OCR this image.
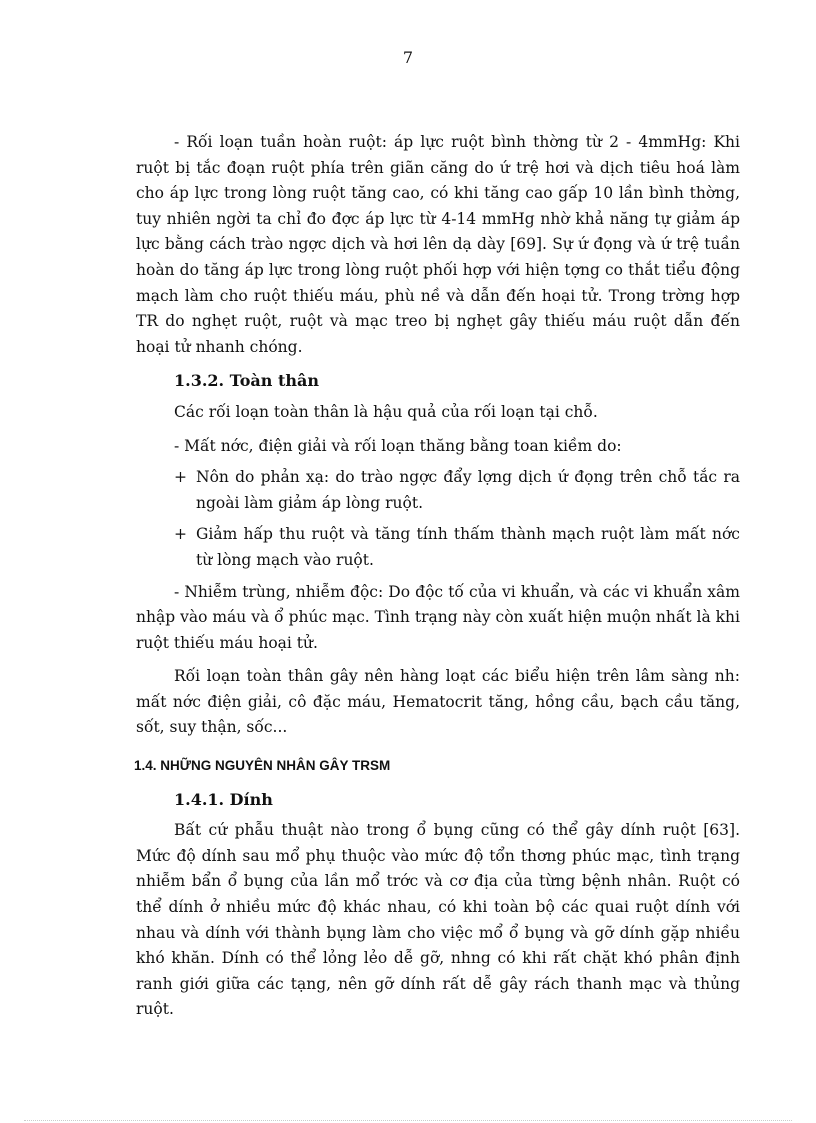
7

- Rối loạn tuần hoàn ruột: áp lực ruột bình thờng từ 2 - 4mmHg: Khi ruột bị tắc đoạn ruột phía trên giãn căng do ứ trệ hơi và dịch tiêu hoá làm cho áp lực trong lòng ruột tăng cao, có khi tăng cao gấp 10 lần bình thờng, tuy nhiên ngời ta chỉ đo đợc áp lực từ 4-14 mmHg nhờ khả năng tự giảm áp lực bằng cách trào ngợc dịch và hơi lên dạ dày [69]. Sự ứ đọng và ứ trệ tuần hoàn do tăng áp lực trong lòng ruột phối hợp với hiện tợng co thắt tiểu động mạch làm cho ruột thiếu máu, phù nề và dẫn đến hoại tử. Trong trờng hợp TR do nghẹt ruột, ruột và mạc treo bị nghẹt gây thiếu máu ruột dẫn đến hoại tử nhanh chóng.

1.3.2. Toàn thân

Các rối loạn toàn thân là hậu quả của rối loạn tại chỗ.

- Mất nớc, điện giải và rối loạn thăng bằng toan kiềm do:

+ Nôn do phản xạ: do trào ngợc đẩy lợng dịch ứ đọng trên chỗ tắc ra ngoài làm giảm áp lòng ruột.
+ Giảm hấp thu ruột và tăng tính thấm thành mạch ruột làm mất nớc từ lòng mạch vào ruột.

- Nhiễm trùng, nhiễm độc: Do độc tố của vi khuẩn, và các vi khuẩn xâm nhập vào máu và ổ phúc mạc. Tình trạng này còn xuất hiện muộn nhất là khi ruột thiếu máu hoại tử.

Rối loạn toàn thân gây nên hàng loạt các biểu hiện trên lâm sàng nh: mất nớc điện giải, cô đặc máu, Hematocrit tăng, hồng cầu, bạch cầu tăng, sốt, suy thận, sốc...

1.4. NHỮNG NGUYÊN NHÂN GÂY TRSM
1.4.1. Dính

Bất cứ phẫu thuật nào trong ổ bụng cũng có thể gây dính ruột [63]. Mức độ dính sau mổ phụ thuộc vào mức độ tổn thơng phúc mạc, tình trạng nhiễm bẩn ổ bụng của lần mổ trớc và cơ địa của từng bệnh nhân. Ruột có thể dính ở nhiều mức độ khác nhau, có khi toàn bộ các quai ruột dính với nhau và dính với thành bụng làm cho việc mổ ổ bụng và gỡ dính gặp nhiều khó khăn. Dính có thể lỏng lẻo dễ gỡ, nhng có khi rất chặt khó phân định ranh giới giữa các tạng, nên gỡ dính rất dễ gây rách thanh mạc và thủng ruột.
